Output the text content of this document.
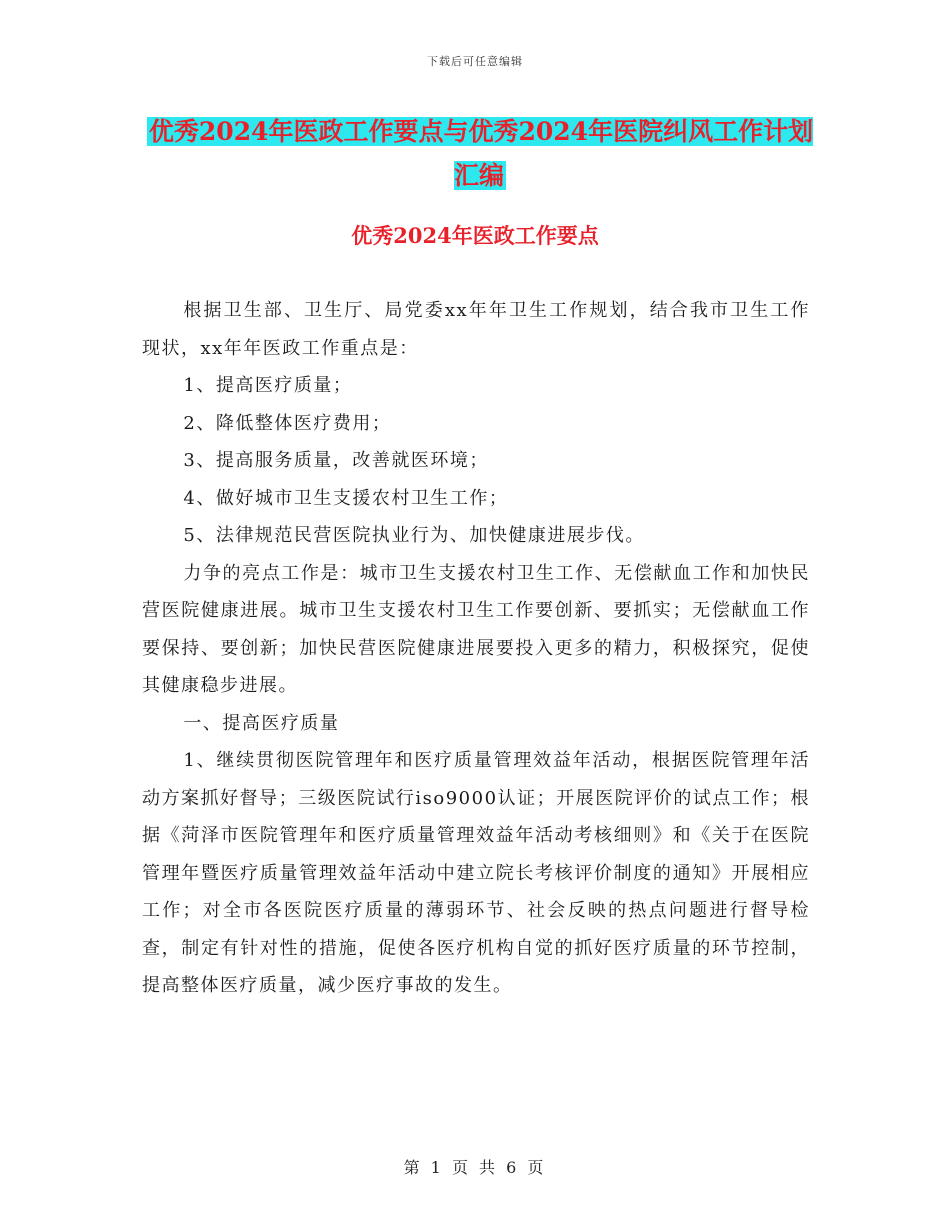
下载后可任意编辑
优秀2024年医政工作要点与优秀2024年医院纠风工作计划汇编
优秀2024年医政工作要点

根据卫生部、卫生厅、局党委xx年年卫生工作规划，结合我市卫生工作现状，xx年年医政工作重点是：

1、提高医疗质量；

2、降低整体医疗费用；

3、提高服务质量，改善就医环境；

4、做好城市卫生支援农村卫生工作；

5、法律规范民营医院执业行为、加快健康进展步伐。

力争的亮点工作是：城市卫生支援农村卫生工作、无偿献血工作和加快民营医院健康进展。城市卫生支援农村卫生工作要创新、要抓实；无偿献血工作要保持、要创新；加快民营医院健康进展要投入更多的精力，积极探究，促使其健康稳步进展。

一、提高医疗质量

1、继续贯彻医院管理年和医疗质量管理效益年活动，根据医院管理年活动方案抓好督导；三级医院试行iso9000认证；开展医院评价的试点工作；根据《菏泽市医院管理年和医疗质量管理效益年活动考核细则》和《关于在医院管理年暨医疗质量管理效益年活动中建立院长考核评价制度的通知》开展相应工作；对全市各医院医疗质量的薄弱环节、社会反映的热点问题进行督导检查，制定有针对性的措施，促使各医疗机构自觉的抓好医疗质量的环节控制，提高整体医疗质量，减少医疗事故的发生。

第 1 页 共 6 页
